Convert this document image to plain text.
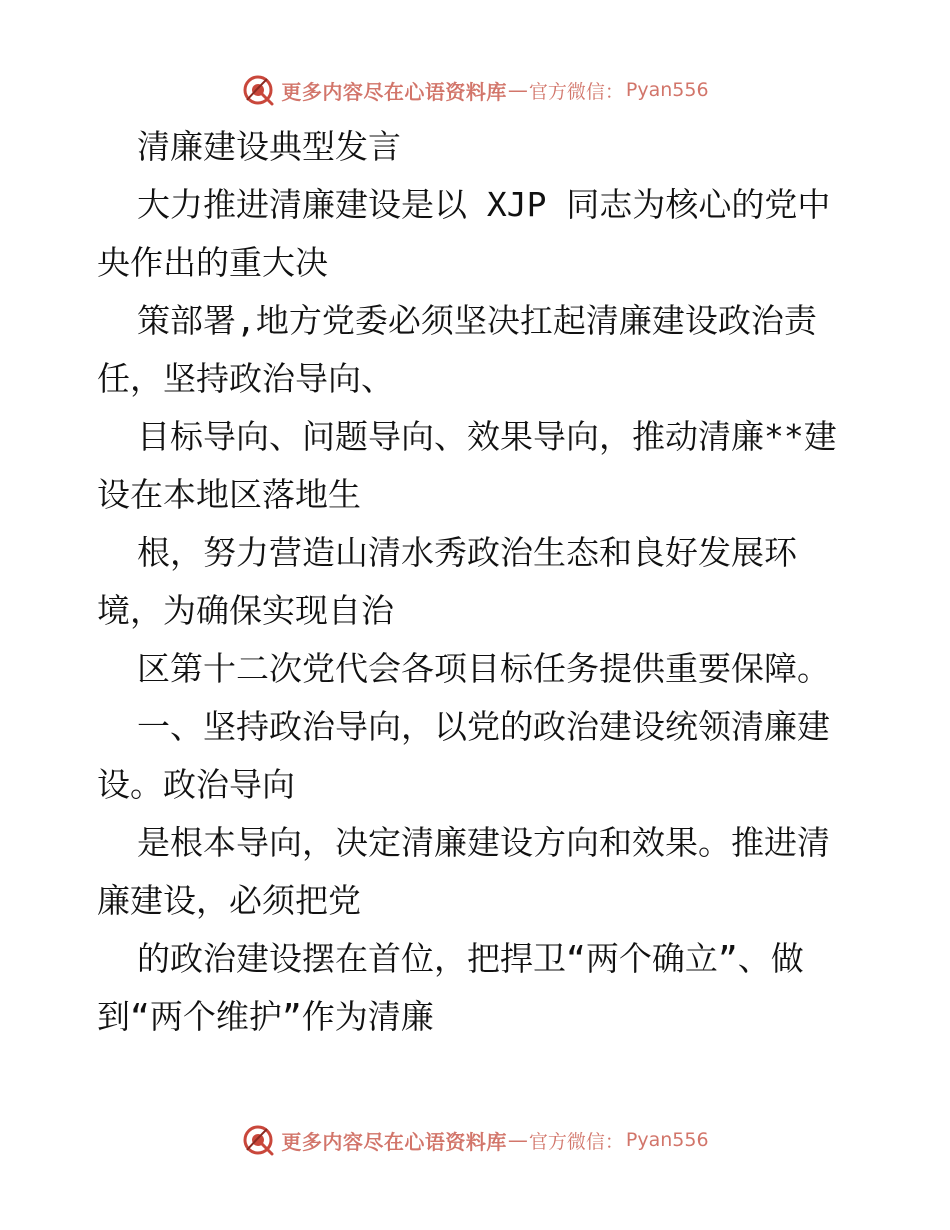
更多内容尽在心语资料库 — 官方微信： Pyan556
清廉建设典型发言
大力推进清廉建设是以 XJP 同志为核心的党中
央作出的重大决
策部署,地方党委必须坚决扛起清廉建设政治责
任，坚持政治导向、
目标导向、问题导向、效果导向，推动清廉**建
设在本地区落地生
根，努力营造山清水秀政治生态和良好发展环
境，为确保实现自治
区第十二次党代会各项目标任务提供重要保障。
一、坚持政治导向，以党的政治建设统领清廉建
设。政治导向
是根本导向，决定清廉建设方向和效果。推进清
廉建设，必须把党
的政治建设摆在首位，把捍卫“两个确立”、做
到“两个维护”作为清廉
更多内容尽在心语资料库 — 官方微信： Pyan556
